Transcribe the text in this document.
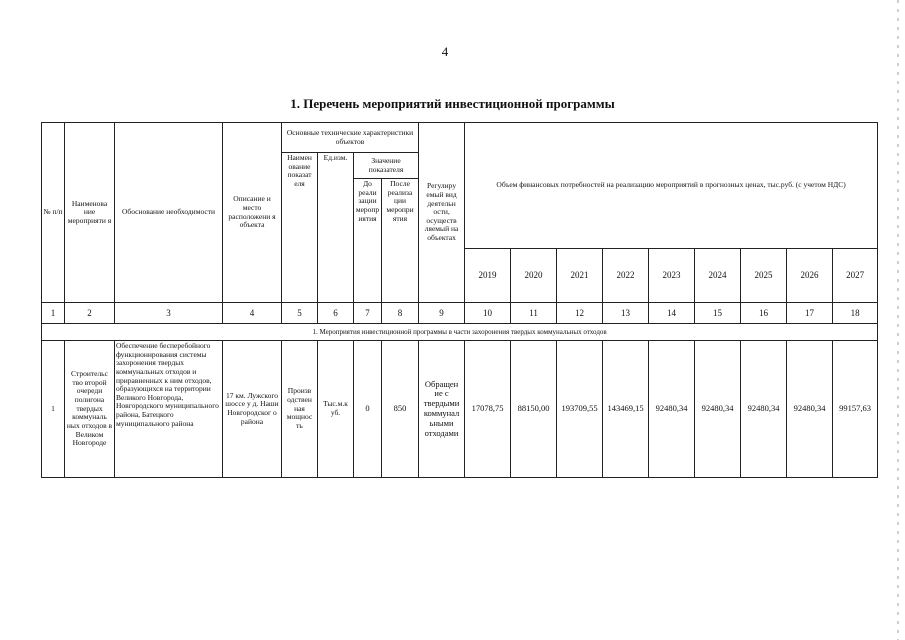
4
1. Перечень мероприятий инвестиционной программы
№ п/п	Наименова ние мероприяти я	Обоснование необходимости	Описание и место расположени я объекта	Основные технические характеристики объектов				Регулиру емый вид деятельн ости, осуществ ляемый на объектах	Объем финансовых потребностей на реализацию мероприятий в прогнозных ценах, тыс.руб. (с учетом НДС)								
				Наимен ование показат еля	Ед.изм.	Значение показателя											
						До реали зации меропр иятия	После реализа ции меропри ятия										
									2019	2020	2021	2022	2023	2024	2025	2026	2027
1	2	3	4	5	6	7	8	9	10	11	12	13	14	15	16	17	18
1. Мероприятия инвестиционной программы в части захоронения твердых коммунальных отходов																	
1	Строительс тво второй очереди полигона твердых коммуналь ных отходов в Великом Новгороде	Обеспечение бесперебойного функционирования системы захоронения твердых коммунальных отходов и приравненных к ним отходов, образующихся на территории Великого Новгорода, Новгородского муниципального района, Батецкого муниципального района	17 км. Лужского шоссе у д. Наши Новгородског о района	Произв одствен ная мощнос ть	Тыс.м.к уб.	0	850	Обращен ие с твердыми коммунал ьными отходами	17078,75	88150,00	193709,55	143469,15	92480,34	92480,34	92480,34	92480,34	99157,63
